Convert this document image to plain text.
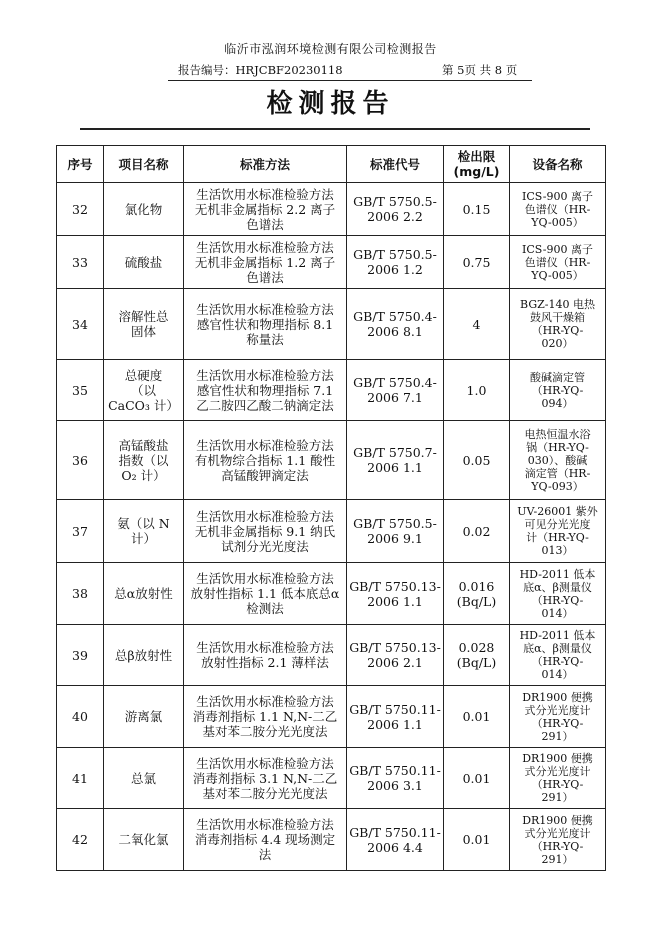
临沂市泓润环境检测有限公司检测报告
报告编号：HRJCBF20230118	第 5页 共 8 页
检测报告
序号	项目名称	标准方法	标准代号	检出限
(mg/L)	设备名称
32	氯化物	生活饮用水标准检验方法
无机非金属指标 2.2 离子
色谱法	GB/T 5750.5-
2006 2.2	0.15	ICS-900 离子
色谱仪（HR-
YQ-005）
33	硫酸盐	生活饮用水标准检验方法
无机非金属指标 1.2 离子
色谱法	GB/T 5750.5-
2006 1.2	0.75	ICS-900 离子
色谱仪（HR-
YQ-005）
34	溶解性总
固体	生活饮用水标准检验方法
感官性状和物理指标 8.1
称量法	GB/T 5750.4-
2006 8.1	4	BGZ-140 电热
鼓风干燥箱
（HR-YQ-
020）
35	总硬度
（以
CaCO₃ 计）	生活饮用水标准检验方法
感官性状和物理指标 7.1
乙二胺四乙酸二钠滴定法	GB/T 5750.4-
2006 7.1	1.0	酸碱滴定管
（HR-YQ-
094）
36	高锰酸盐
指数（以
O₂ 计）	生活饮用水标准检验方法
有机物综合指标 1.1 酸性
高锰酸钾滴定法	GB/T 5750.7-
2006 1.1	0.05	电热恒温水浴
锅（HR-YQ-
030）、酸碱
滴定管（HR-
YQ-093）
37	氨（以 N
计）	生活饮用水标准检验方法
无机非金属指标 9.1 纳氏
试剂分光光度法	GB/T 5750.5-
2006 9.1	0.02	UV-26001 紫外
可见分光光度
计（HR-YQ-
013）
38	总α放射性	生活饮用水标准检验方法
放射性指标 1.1 低本底总α
检测法	GB/T 5750.13-
2006 1.1	0.016
(Bq/L)	HD-2011 低本
底α、β测量仪
（HR-YQ-
014）
39	总β放射性	生活饮用水标准检验方法
放射性指标 2.1 薄样法	GB/T 5750.13-
2006 2.1	0.028
(Bq/L)	HD-2011 低本
底α、β测量仪
（HR-YQ-
014）
40	游离氯	生活饮用水标准检验方法
消毒剂指标 1.1 N,N-二乙
基对苯二胺分光光度法	GB/T 5750.11-
2006 1.1	0.01	DR1900 便携
式分光光度计
（HR-YQ-
291）
41	总氯	生活饮用水标准检验方法
消毒剂指标 3.1 N,N-二乙
基对苯二胺分光光度法	GB/T 5750.11-
2006 3.1	0.01	DR1900 便携
式分光光度计
（HR-YQ-
291）
42	二氧化氯	生活饮用水标准检验方法
消毒剂指标 4.4 现场测定
法	GB/T 5750.11-
2006 4.4	0.01	DR1900 便携
式分光光度计
（HR-YQ-
291）
